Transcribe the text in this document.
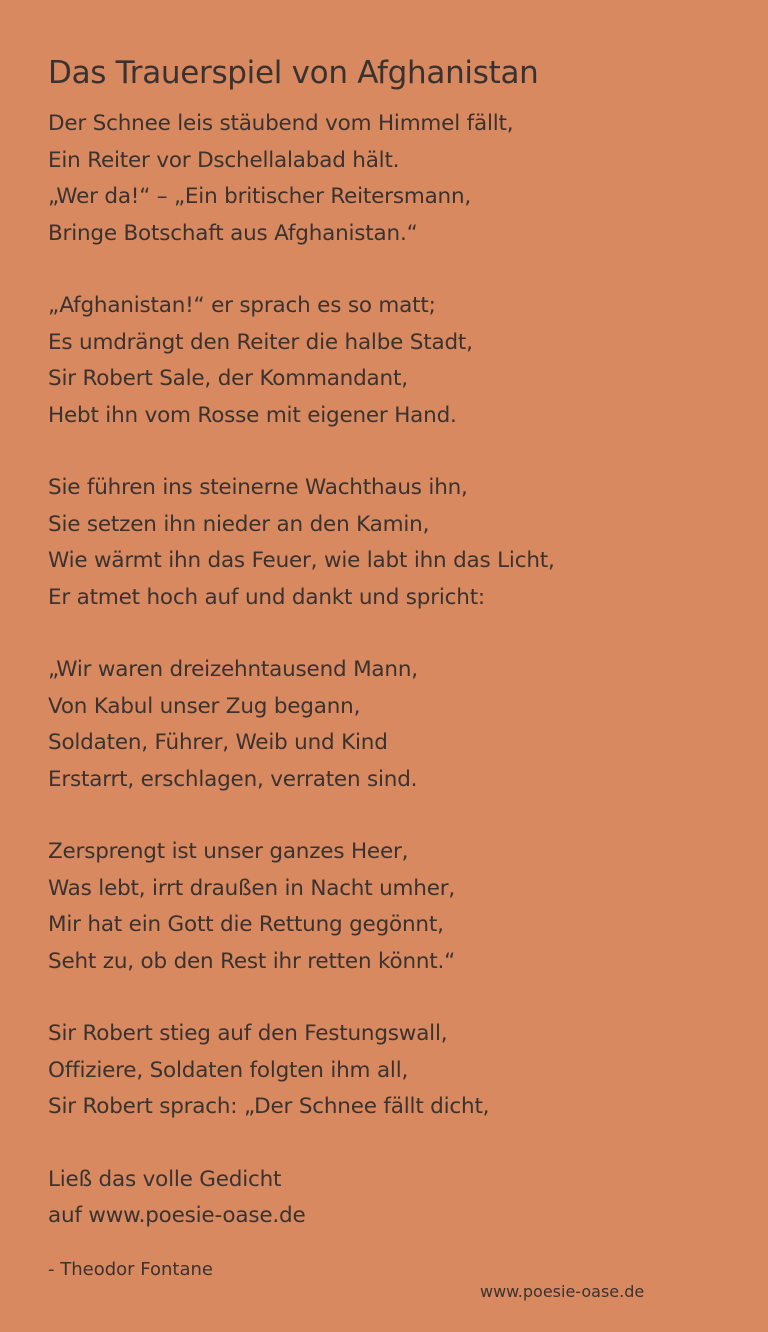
Das Trauerspiel von Afghanistan
Der Schnee leis stäubend vom Himmel fällt,
Ein Reiter vor Dschellalabad hält.
„Wer da!“ – „Ein britischer Reitersmann,
Bringe Botschaft aus Afghanistan.“
„Afghanistan!“ er sprach es so matt;
Es umdrängt den Reiter die halbe Stadt,
Sir Robert Sale, der Kommandant,
Hebt ihn vom Rosse mit eigener Hand.
Sie führen ins steinerne Wachthaus ihn,
Sie setzen ihn nieder an den Kamin,
Wie wärmt ihn das Feuer, wie labt ihn das Licht,
Er atmet hoch auf und dankt und spricht:
„Wir waren dreizehntausend Mann,
Von Kabul unser Zug begann,
Soldaten, Führer, Weib und Kind
Erstarrt, erschlagen, verraten sind.
Zersprengt ist unser ganzes Heer,
Was lebt, irrt draußen in Nacht umher,
Mir hat ein Gott die Rettung gegönnt,
Seht zu, ob den Rest ihr retten könnt.“
Sir Robert stieg auf den Festungswall,
Offiziere, Soldaten folgten ihm all,
Sir Robert sprach: „Der Schnee fällt dicht,
Ließ das volle Gedicht
auf www.poesie-oase.de
- Theodor Fontane
www.poesie-oase.de
